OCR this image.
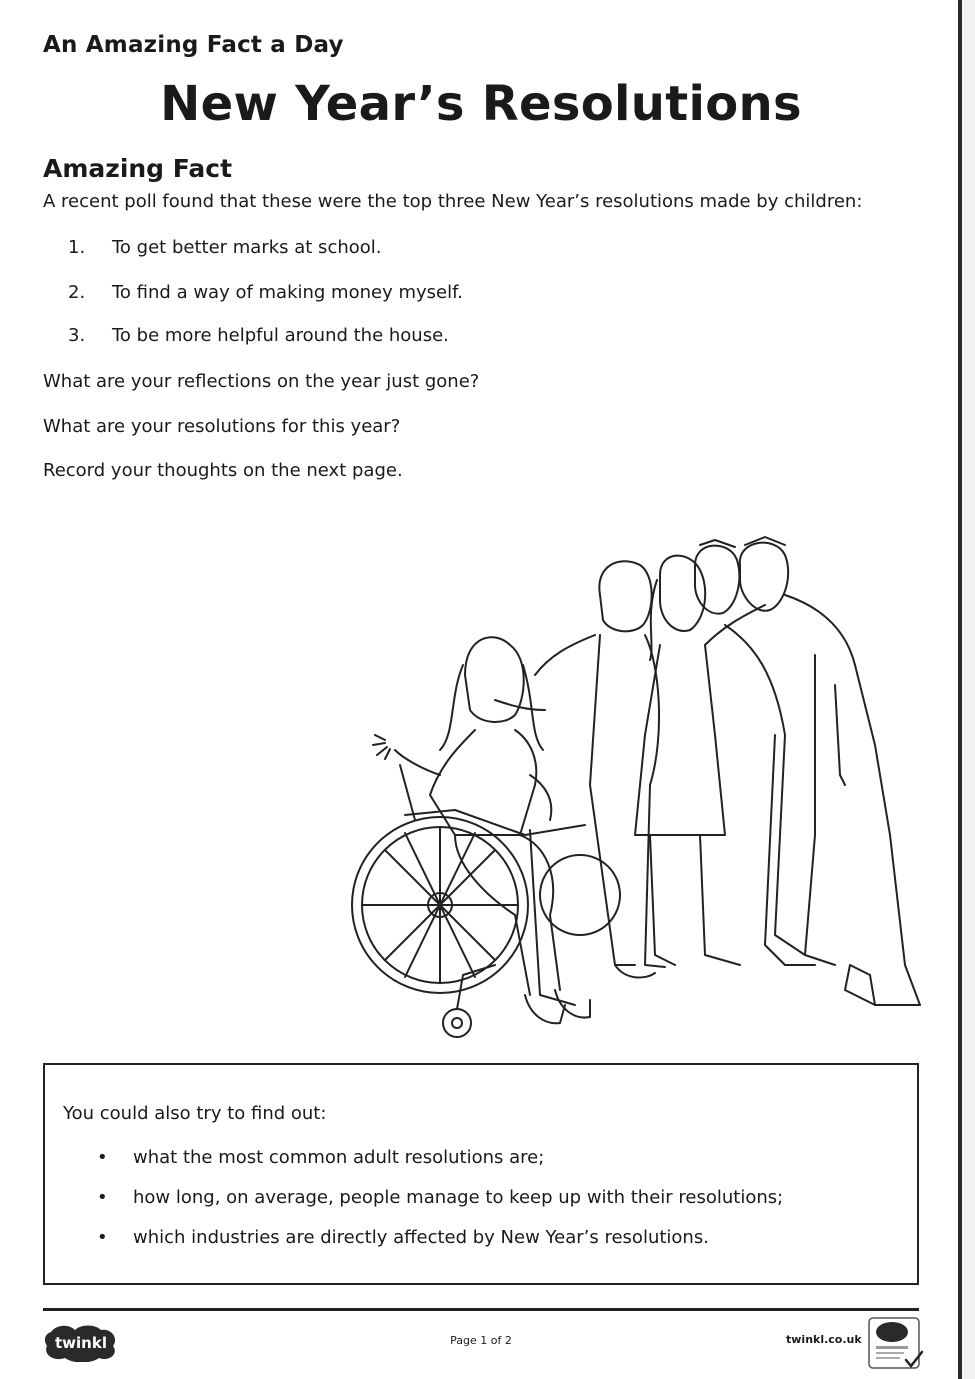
An Amazing Fact a Day
New Year’s Resolutions
Amazing Fact
A recent poll found that these were the top three New Year’s resolutions made by children:
1. To get better marks at school.
2. To find a way of making money myself.
3. To be more helpful around the house.
What are your reflections on the year just gone?
What are your resolutions for this year?
Record your thoughts on the next page.
You could also try to find out:
• what the most common adult resolutions are;
• how long, on average, people manage to keep up with their resolutions;
• which industries are directly affected by New Year’s resolutions.
twinkl	Page 1 of 2	twinkl.co.uk
